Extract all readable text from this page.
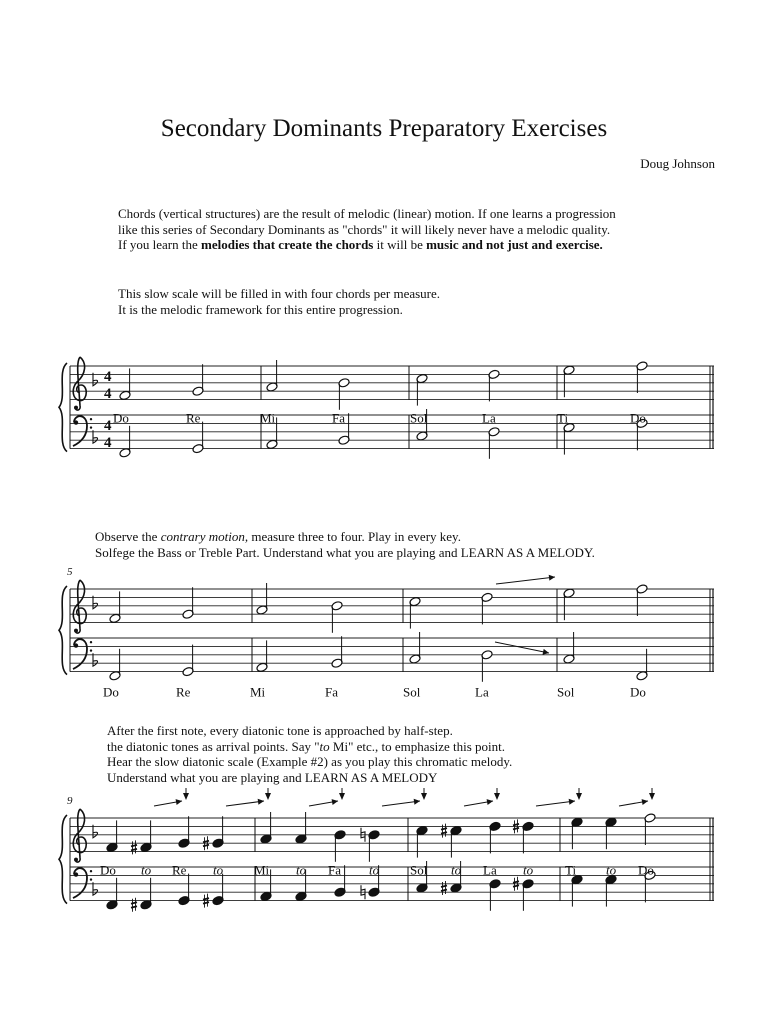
Secondary Dominants Preparatory Exercises
Doug Johnson
Chords (vertical structures) are the result of melodic (linear) motion. If one learns a progression
like this series of Secondary Dominants as "chords" it will likely never have a melodic quality.
If you learn the melodies that create the chords it will be music and not just and exercise.
This slow scale will be filled in with four chords per measure.
It is the melodic framework for this entire progression.
Observe the contrary motion, measure three to four. Play in every key.
Solfege the Bass or Treble Part. Understand what you are playing and LEARN AS A MELODY.
After the first note, every diatonic tone is approached by half-step.
the diatonic tones as arrival points. Say "to Mi" etc., to emphasize this point.
Hear the slow diatonic scale (Example #2) as you play this chromatic melody.
Understand what you are playing and LEARN AS A MELODY
4
4
4
4
Do	Re	Mi	Fa	Sol	La	Ti	Do
5
Do	Re	Mi	Fa	Sol	La	Sol	Do
9
Do to Re to Mi to Fa to Sol to La to Ti to Do
